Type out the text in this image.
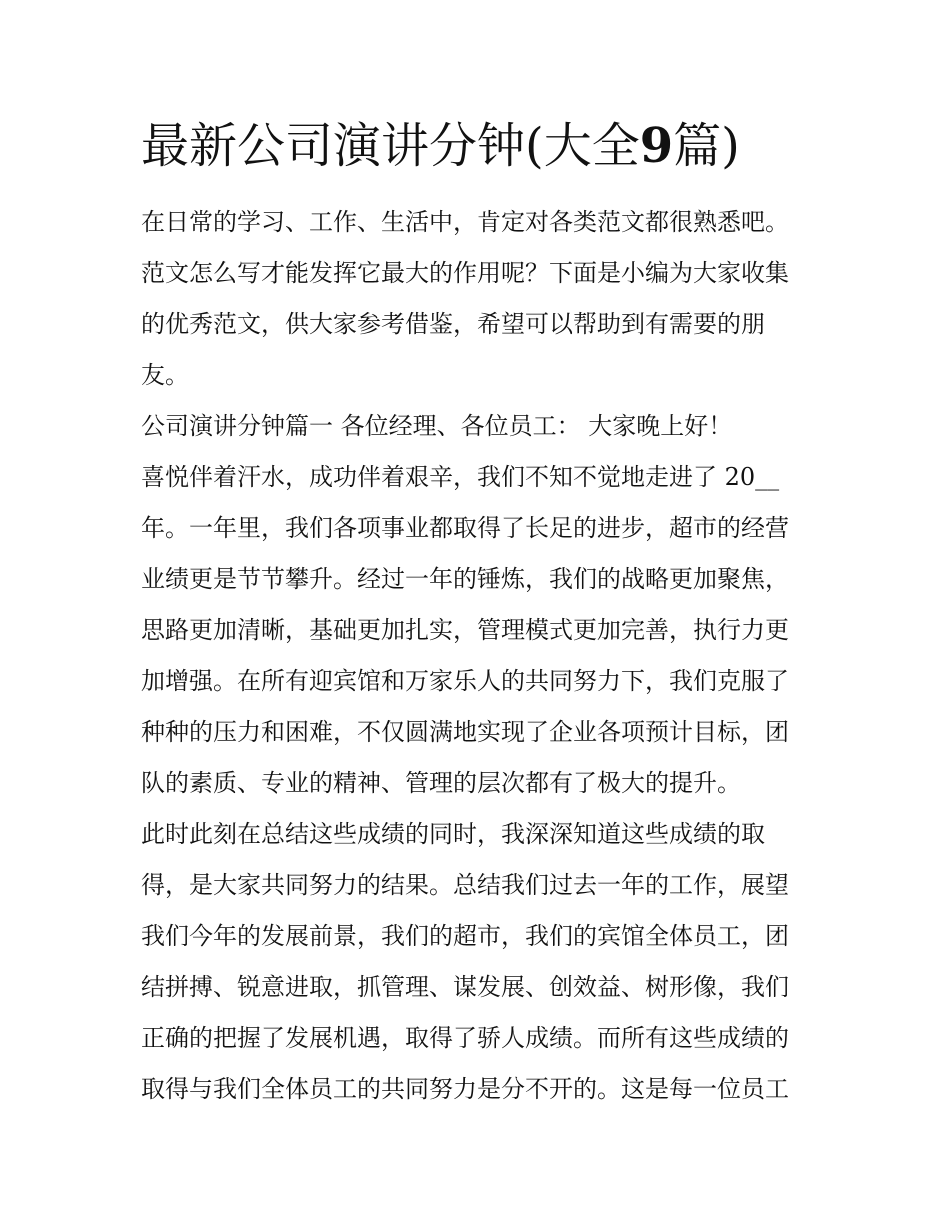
最新公司演讲分钟(大全9篇)
在日常的学习、工作、生活中，肯定对各类范文都很熟悉吧。
范文怎么写才能发挥它最大的作用呢？下面是小编为大家收集
的优秀范文，供大家参考借鉴，希望可以帮助到有需要的朋
友。
公司演讲分钟篇一 各位经理、各位员工： 大家晚上好！
喜悦伴着汗水，成功伴着艰辛，我们不知不觉地走进了 20__
年。一年里，我们各项事业都取得了长足的进步，超市的经营
业绩更是节节攀升。经过一年的锤炼，我们的战略更加聚焦，
思路更加清晰，基础更加扎实，管理模式更加完善，执行力更
加增强。在所有迎宾馆和万家乐人的共同努力下，我们克服了
种种的压力和困难，不仅圆满地实现了企业各项预计目标，团
队的素质、专业的精神、管理的层次都有了极大的提升。
此时此刻在总结这些成绩的同时，我深深知道这些成绩的取
得，是大家共同努力的结果。总结我们过去一年的工作，展望
我们今年的发展前景，我们的超市，我们的宾馆全体员工，团
结拼搏、锐意进取，抓管理、谋发展、创效益、树形像，我们
正确的把握了发展机遇，取得了骄人成绩。而所有这些成绩的
取得与我们全体员工的共同努力是分不开的。这是每一位员工
